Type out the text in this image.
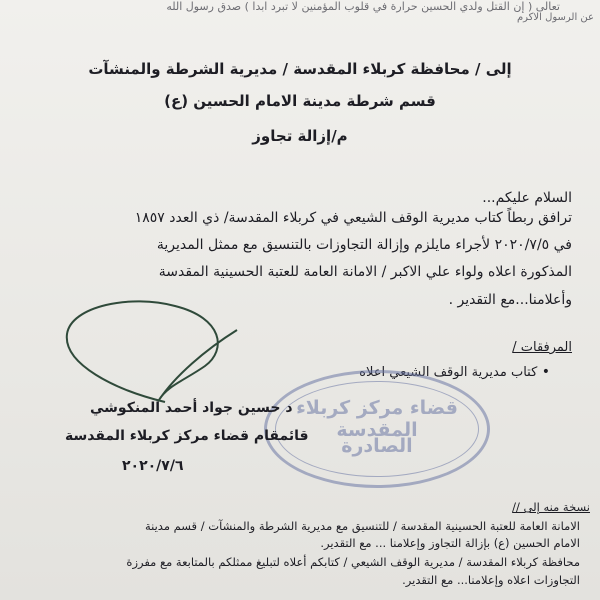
تعالى ( إن القتل ولدي الحسين حرارة في قلوب المؤمنين لا تبرد ابدا ) صدق رسول الله
عن الرسول الاكرم
إلى / محافظة كربلاء المقدسة / مديرية الشرطة والمنشآت
قسم شرطة مدينة الامام الحسين (ع)
م/إزالة تجاوز
السلام عليكم...
ترافق ربطاً كتاب مديرية الوقف الشيعي في كربلاء المقدسة/ ذي العدد ١٨٥٧
في ٢٠٢٠/٧/٥ لأجراء مايلزم وإزالة التجاوزات بالتنسيق مع ممثل المديرية
المذكورة اعلاه ولواء علي الاكبر / الامانة العامة للعتبة الحسينية المقدسة
وأعلامنا...مع التقدير .
المرفقات /
• كتاب مديرية الوقف الشيعي اعلاه
قضاء مركز كربلاء المقدسة
الصادرة
د حسين جواد أحمد المنكوشي
قائمقام قضاء مركز كربلاء المقدسة
٢٠٢٠/٧/٦
نسخة منه إلى //
الامانة العامة للعتبة الحسينية المقدسة / للتنسيق مع مديرية الشرطة والمنشآت / قسم مدينة
الامام الحسين (ع) بإزالة التجاوز وإعلامنا ... مع التقدير.
محافظة كربلاء المقدسة / مديرية الوقف الشيعي / كتابكم أعلاه لتبليغ ممثلكم بالمتابعة مع مفرزة
التجاوزات اعلاه وإعلامنا... مع التقدير.
